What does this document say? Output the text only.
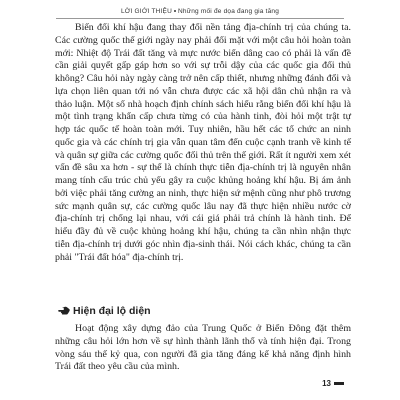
LỜI GIỚI THIỆU Những mối đe dọa đang gia tăng

Biến đổi khí hậu đang thay đổi nền tảng địa-chính trị của chúng ta. Các cường quốc thế giới ngày nay phải đối mặt với một câu hỏi hoàn toàn mới: Nhiệt độ Trái đất tăng và mực nước biển dâng cao có phải là vấn đề cần giải quyết gấp gáp hơn so với sự trỗi dậy của các quốc gia đối thủ không? Câu hỏi này ngày càng trở nên cấp thiết, nhưng những đánh đổi và lựa chọn liên quan tới nó vẫn chưa được các xã hội dân chủ nhận ra và thảo luận. Một số nhà hoạch định chính sách hiểu rằng biến đổi khí hậu là một tình trạng khẩn cấp chưa từng có của hành tinh, đòi hỏi một trật tự hợp tác quốc tế hoàn toàn mới. Tuy nhiên, hầu hết các tổ chức an ninh quốc gia và các chính trị gia vẫn quan tâm đến cuộc cạnh tranh về kinh tế và quân sự giữa các cường quốc đối thủ trên thế giới. Rất ít người xem xét vấn đề sâu xa hơn - sự thể là chính thực tiễn địa-chính trị là nguyên nhân mang tính cấu trúc chủ yếu gây ra cuộc khủng hoảng khí hậu. Bị ám ảnh bởi việc phải tăng cường an ninh, thực hiện sứ mệnh cũng như phô trương sức mạnh quân sự, các cường quốc lâu nay đã thực hiện nhiều nước cờ địa-chính trị chống lại nhau, với cái giá phải trả chính là hành tinh. Để hiểu đầy đủ về cuộc khủng hoảng khí hậu, chúng ta cần nhìn nhận thực tiễn địa-chính trị dưới góc nhìn địa-sinh thái. Nói cách khác, chúng ta cần phải "Trái đất hóa" địa-chính trị.

Hiện đại lộ diện

Hoạt động xây dựng đảo của Trung Quốc ở Biển Đông đặt thêm những câu hỏi lớn hơn về sự hình thành lãnh thổ và tính hiện đại. Trong vòng sáu thế kỷ qua, con người đã gia tăng đáng kể khả năng định hình Trái đất theo yêu cầu của mình.

13
